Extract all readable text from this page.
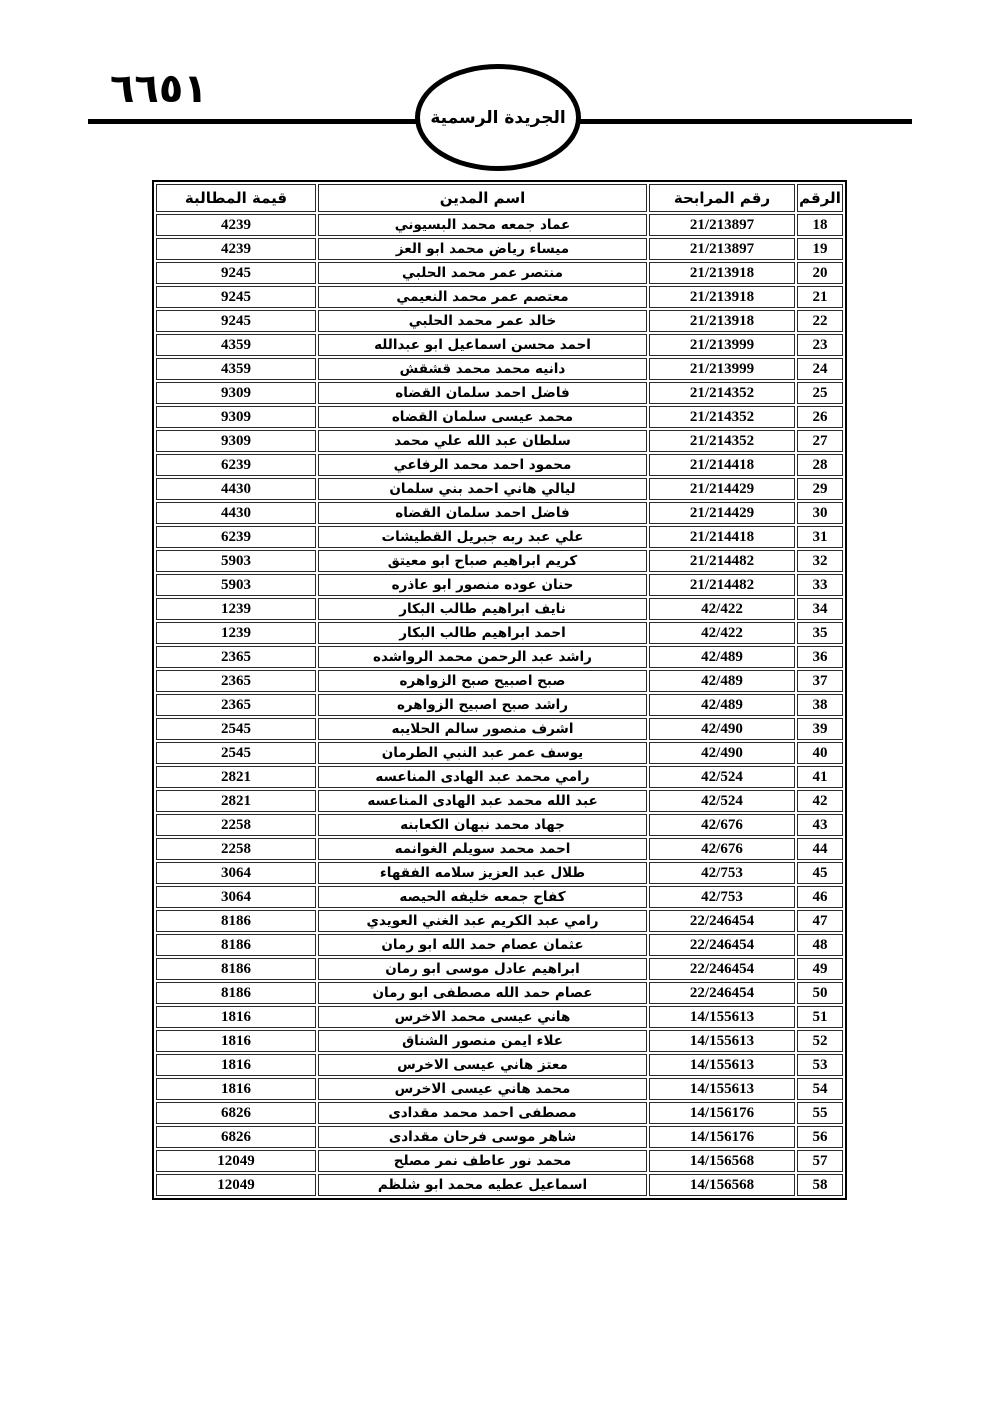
٦٦٥١
الجريدة الرسمية
الرقم	رقم المرابحة	اسم المدين	قيمة المطالبة
18	21/213897	عماد جمعه محمد البسيوني	4239
19	21/213897	ميساء رياض محمد ابو العز	4239
20	21/213918	منتصر عمر محمد الحلبي	9245
21	21/213918	معتصم عمر محمد النعيمي	9245
22	21/213918	خالد عمر محمد الحلبي	9245
23	21/213999	احمد محسن اسماعيل ابو عبدالله	4359
24	21/213999	دانيه محمد محمد قشقش	4359
25	21/214352	فاضل احمد سلمان القضاه	9309
26	21/214352	محمد عيسى سلمان القضاه	9309
27	21/214352	سلطان عبد الله علي محمد	9309
28	21/214418	محمود احمد محمد الرفاعي	6239
29	21/214429	ليالي هاني احمد بني سلمان	4430
30	21/214429	فاضل احمد سلمان القضاه	4430
31	21/214418	علي عبد ربه جبريل القطيشات	6239
32	21/214482	كريم ابراهيم صباح ابو معيتق	5903
33	21/214482	حنان عوده منصور ابو عاذره	5903
34	42/422	نايف ابراهيم طالب البكار	1239
35	42/422	احمد ابراهيم طالب البكار	1239
36	42/489	راشد عبد الرحمن محمد الرواشده	2365
37	42/489	صبح اصبيح صبح الزواهره	2365
38	42/489	راشد صبح اصبيح الزواهره	2365
39	42/490	اشرف منصور سالم الحلايبه	2545
40	42/490	يوسف عمر عبد النبي الطرمان	2545
41	42/524	رامي محمد عبد الهادى المناعسه	2821
42	42/524	عبد الله محمد عبد الهادى المناعسه	2821
43	42/676	جهاد محمد نبهان الكعابنه	2258
44	42/676	احمد محمد سويلم الغوانمه	2258
45	42/753	طلال عبد العزيز سلامه الفقهاء	3064
46	42/753	كفاح جمعه خليفه الحيصه	3064
47	22/246454	رامي عبد الكريم عبد الغني العويدي	8186
48	22/246454	عثمان عصام حمد الله ابو رمان	8186
49	22/246454	ابراهيم عادل موسى ابو رمان	8186
50	22/246454	عصام حمد الله مصطفى ابو رمان	8186
51	14/155613	هاني عيسى محمد الاخرس	1816
52	14/155613	علاء ايمن منصور الشناق	1816
53	14/155613	معتز هاني عيسى الاخرس	1816
54	14/155613	محمد هاني عيسى الاخرس	1816
55	14/156176	مصطفى احمد محمد مقدادى	6826
56	14/156176	شاهر موسى فرحان مقدادى	6826
57	14/156568	محمد نور عاطف نمر مصلح	12049
58	14/156568	اسماعيل عطيه محمد ابو شلظم	12049
